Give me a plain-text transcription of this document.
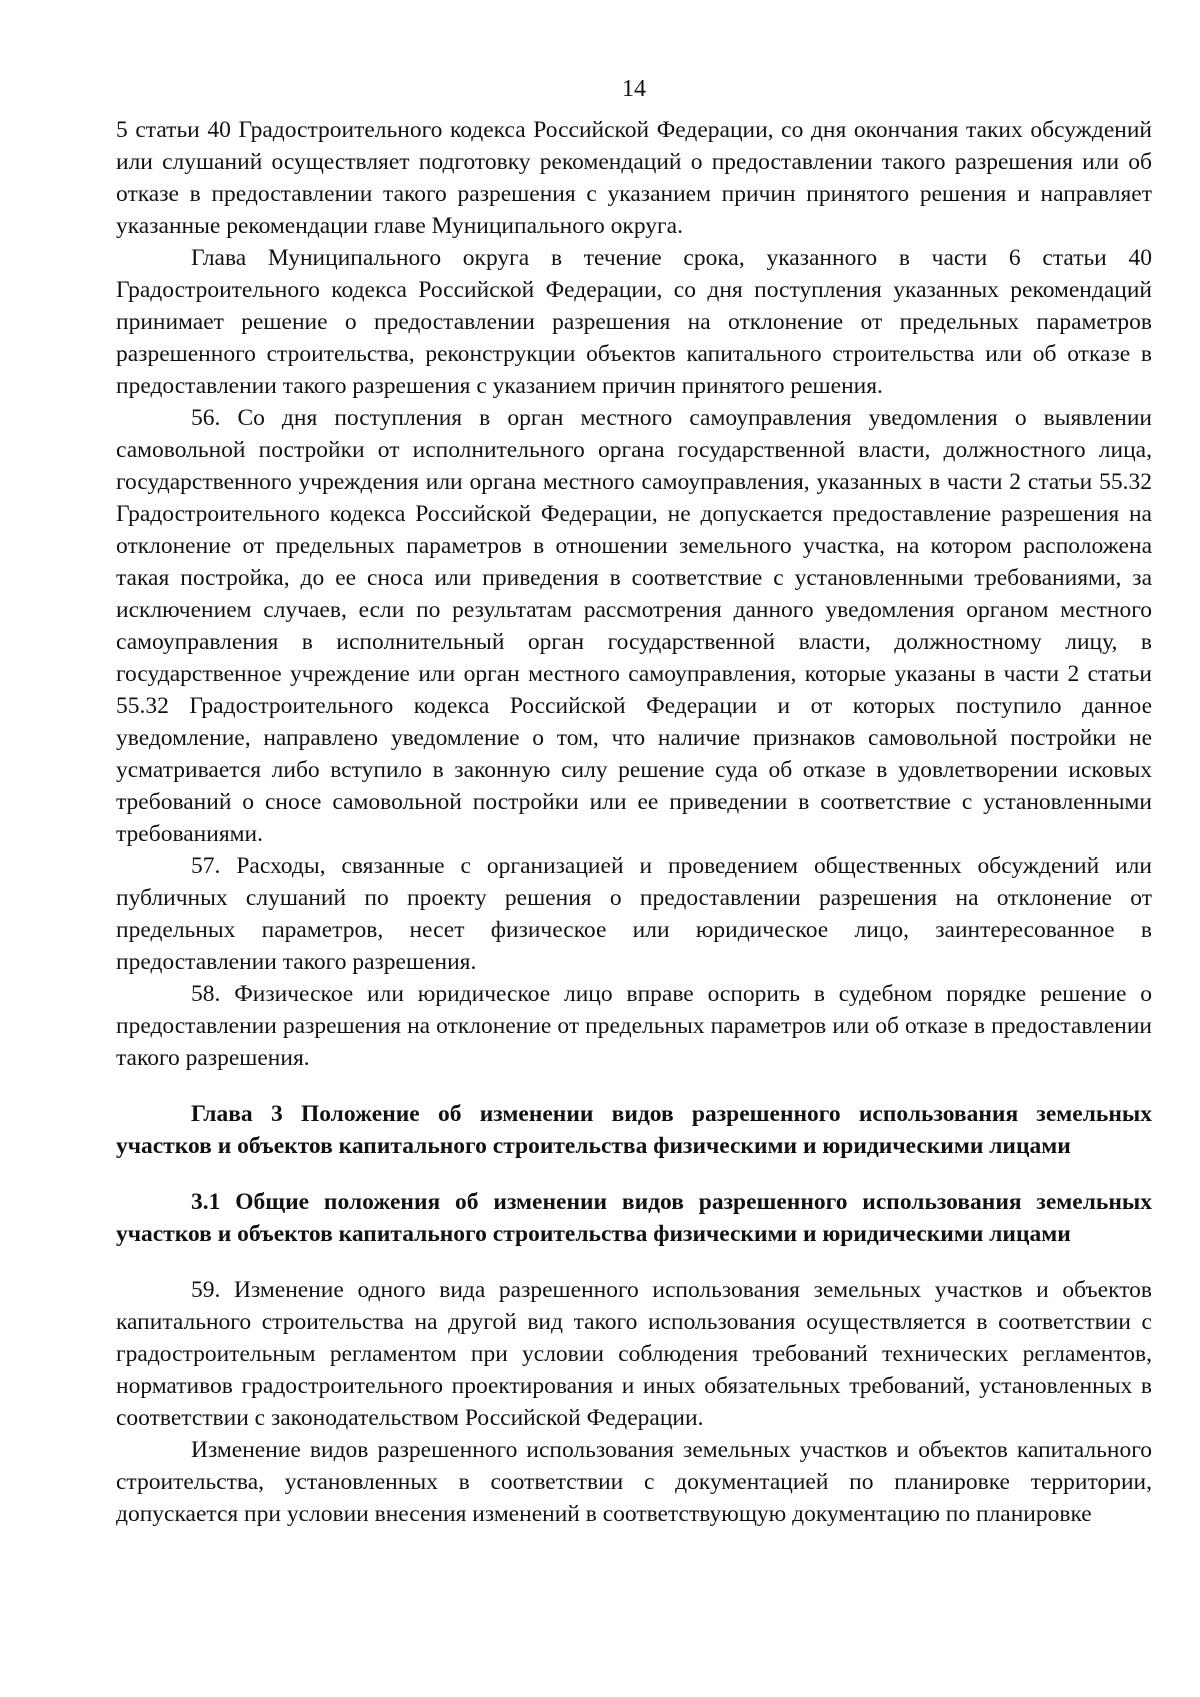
14

5 статьи 40 Градостроительного кодекса Российской Федерации, со дня окончания таких обсуждений или слушаний осуществляет подготовку рекомендаций о предоставлении такого разрешения или об отказе в предоставлении такого разрешения с указанием причин принятого решения и направляет указанные рекомендации главе Муниципального округа.

Глава Муниципального округа в течение срока, указанного в части 6 статьи 40 Градостроительного кодекса Российской Федерации, со дня поступления указанных рекомендаций принимает решение о предоставлении разрешения на отклонение от предельных параметров разрешенного строительства, реконструкции объектов капитального строительства или об отказе в предоставлении такого разрешения с указанием причин принятого решения.

56. Со дня поступления в орган местного самоуправления уведомления о выявлении самовольной постройки от исполнительного органа государственной власти, должностного лица, государственного учреждения или органа местного самоуправления, указанных в части 2 статьи 55.32 Градостроительного кодекса Российской Федерации, не допускается предоставление разрешения на отклонение от предельных параметров в отношении земельного участка, на котором расположена такая постройка, до ее сноса или приведения в соответствие с установленными требованиями, за исключением случаев, если по результатам рассмотрения данного уведомления органом местного самоуправления в исполнительный орган государственной власти, должностному лицу, в государственное учреждение или орган местного самоуправления, которые указаны в части 2 статьи 55.32 Градостроительного кодекса Российской Федерации и от которых поступило данное уведомление, направлено уведомление о том, что наличие признаков самовольной постройки не усматривается либо вступило в законную силу решение суда об отказе в удовлетворении исковых требований о сносе самовольной постройки или ее приведении в соответствие с установленными требованиями.

57. Расходы, связанные с организацией и проведением общественных обсуждений или публичных слушаний по проекту решения о предоставлении разрешения на отклонение от предельных параметров, несет физическое или юридическое лицо, заинтересованное в предоставлении такого разрешения.

58. Физическое или юридическое лицо вправе оспорить в судебном порядке решение о предоставлении разрешения на отклонение от предельных параметров или об отказе в предоставлении такого разрешения.

Глава 3 Положение об изменении видов разрешенного использования земельных участков и объектов капитального строительства физическими и юридическими лицами
3.1 Общие положения об изменении видов разрешенного использования земельных участков и объектов капитального строительства физическими и юридическими лицами

59. Изменение одного вида разрешенного использования земельных участков и объектов капитального строительства на другой вид такого использования осуществляется в соответствии с градостроительным регламентом при условии соблюдения требований технических регламентов, нормативов градостроительного проектирования и иных обязательных требований, установленных в соответствии с законодательством Российской Федерации.

Изменение видов разрешенного использования земельных участков и объектов капитального строительства, установленных в соответствии с документацией по планировке территории, допускается при условии внесения изменений в соответствующую документацию по планировке
